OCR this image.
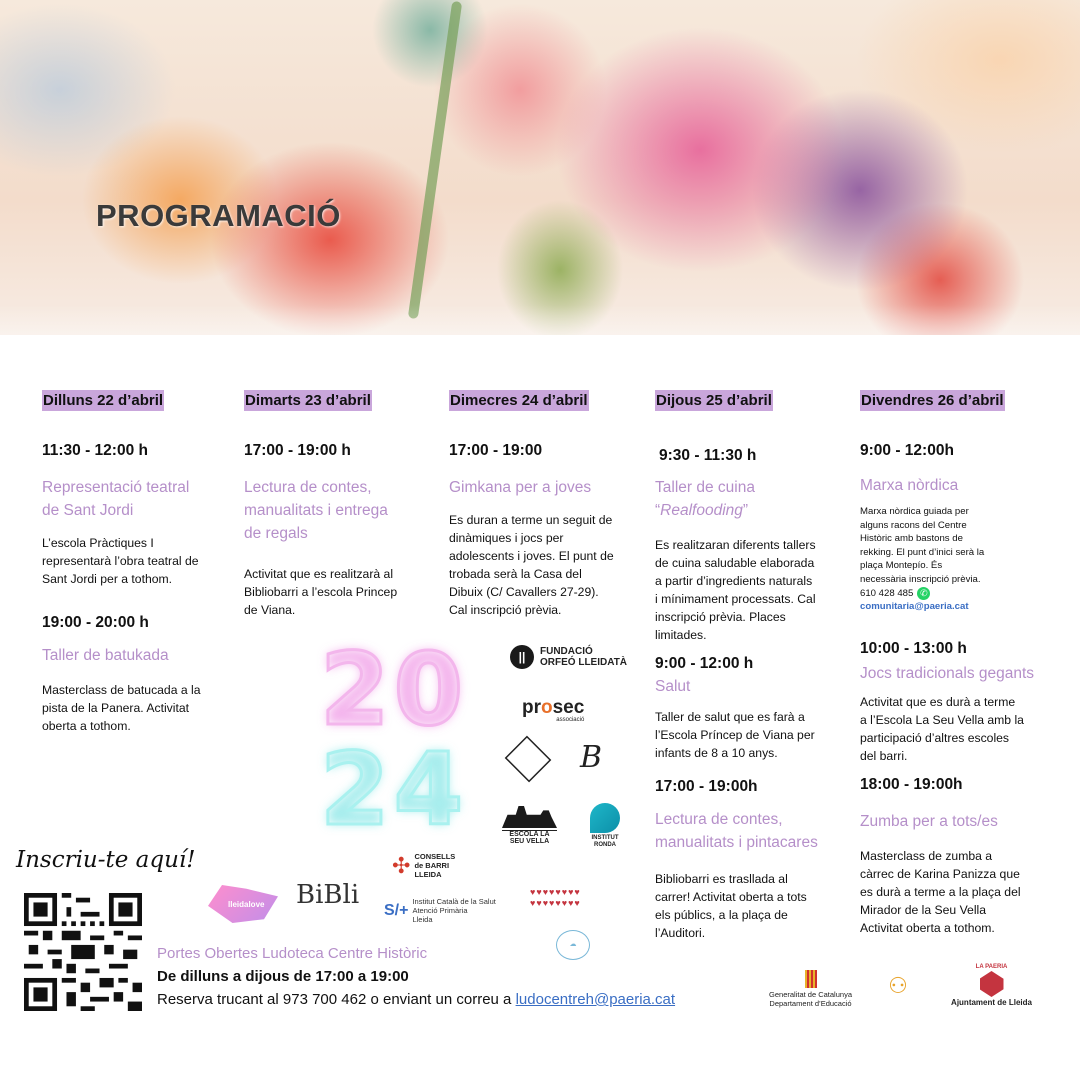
PROGRAMACIÓ
Dilluns 22 d’abril
11:30 - 12:00 h
Representació teatral
de Sant Jordi
L’escola Pràctiques I
representarà l’obra teatral de
Sant Jordi per a tothom.
19:00 - 20:00 h
Taller de batukada
Masterclass de batucada a la
pista de la Panera. Activitat
oberta a tothom.
Dimarts 23 d’abril
17:00 - 19:00 h
Lectura de contes,
manualitats i entrega
de regals
Activitat que es realitzarà al
Bibliobarri a l’escola Princep
de Viana.
Dimecres 24 d’abril
17:00 - 19:00
Gimkana per a joves
Es duran a terme un seguit de
dinàmiques i jocs per
adolescents i joves. El punt de
trobada serà la Casa del
Dibuix (C/ Cavallers 27-29).
Cal inscripció prèvia.
Dijous 25 d’abril
9:30 - 11:30 h
Taller de cuina
“Realfooding”
Es realitzaran diferents tallers
de cuina saludable elaborada
a partir d’ingredients naturals
i mínimament processats. Cal
inscripció prèvia. Places
limitades.
9:00 - 12:00 h
Salut
Taller de salut que es farà a
l’Escola Príncep de Viana per
infants de 8 a 10 anys.
17:00 - 19:00h
Lectura de contes,
manualitats i pintacares
Bibliobarri es trasllada al
carrer! Activitat oberta a tots
els públics, a la plaça de
l’Auditori.
Divendres 26 d’abril
9:00 - 12:00h
Marxa nòrdica
Marxa nòrdica guiada per
alguns racons del Centre
Històric amb bastons de
rekking. El punt d’inici serà la
plaça Montepío. És
necessària inscripció prèvia.
610 428 485 ✆
comunitaria@paeria.cat
10:00 - 13:00 h
Jocs tradicionals gegants
Activitat que es durà a terme
a l’Escola La Seu Vella amb la
participació d’altres escoles
del barri.
18:00 - 19:00h
Zumba per a tots/es
Masterclass de zumba a
càrrec de Karina Panizza que
es durà a terme a la plaça del
Mirador de la Seu Vella
Activitat oberta a tothom.
20
24
||	FUNDACIÓ
ORFEÓ LLEIDATÀ
prosec
associació
B
ESCOLA LA SEU VELLA	INSTITUT
RONDA
✣ CONSELLS
de BARRI
LLEIDA
lleidalove BiBli S/+ Institut Català de la Salut
Atenció Primària
Lleida
♥♥♥♥♥♥♥♥
♥♥♥♥♥♥♥♥
☁
Generalitat de Catalunya
Departament d’Educació
⚇
LA PAERIA
Ajuntament de Lleida
Inscriu-te aquí!
Portes Obertes Ludoteca Centre Històric
De dilluns a dijous de 17:00 a 19:00
Reserva trucant al 973 700 462 o enviant un correu a ludocentreh@paeria.cat
